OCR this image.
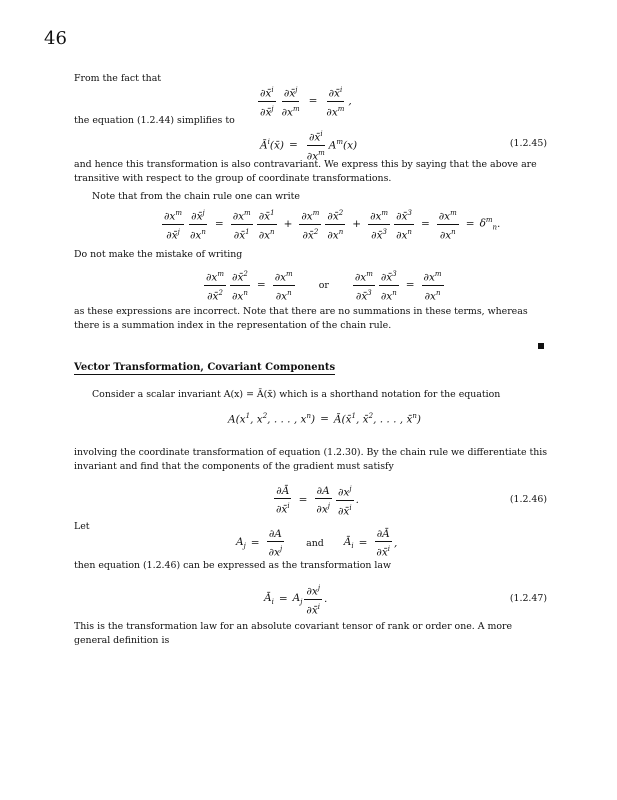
46
From the fact that
$\frac{\partial x̄^i}{\partial x̄^j} \frac{\partial x̄^j}{\partial x^m} = \frac{\partial x̄^i}{\partial x^m}$ ,
the equation (1.2.44) simplifies to
$Ā^i(x̄) = \frac{\partial x̄^i}{\partial x^m} A^m(x)$	(1.2.45)
and hence this transformation is also contravariant. We express this by saying that the above are transitive with respect to the group of coordinate transformations.
Note that from the chain rule one can write
$\frac{\partial x^m}{\partial x̄^j} \frac{\partial x̄^j}{\partial x^n} = \frac{\partial x^m}{\partial x̄^1} \frac{\partial x̄^1}{\partial x^n} + \frac{\partial x^m}{\partial x̄^2} \frac{\partial x̄^2}{\partial x^n} + \frac{\partial x^m}{\partial x̄^3} \frac{\partial x̄^3}{\partial x^n} = \frac{\partial x^m}{\partial x^n} = \delta^m_n$ .
Do not make the mistake of writing
$\frac{\partial x^m}{\partial x̄^2} \frac{\partial x̄^2}{\partial x^n} = \frac{\partial x^m}{\partial x^n}$	or $\frac{\partial x^m}{\partial x̄^3} \frac{\partial x̄^3}{\partial x^n} = \frac{\partial x^m}{\partial x^n}$
as these expressions are incorrect. Note that there are no summations in these terms, whereas there is a summation index in the representation of the chain rule.
Vector Transformation, Covariant Components
Consider a scalar invariant A(x) = Ā(x̄) which is a shorthand notation for the equation
$A(x^1$, $x^2$, . . . , $x^n$) = Ā(x̄$^1$, x̄$^2$, . . . , x̄$^n$)
involving the coordinate transformation of equation (1.2.30). By the chain rule we differentiate this invariant and find that the components of the gradient must satisfy
$\frac{\partial Ā}{\partial x̄^i} = \frac{\partial A}{\partial x^j} \frac{\partial x^j}{\partial x̄^i}$ .	(1.2.46)
Let
$A_j = \frac{\partial A}{\partial x^j}$ and $Ā_i = \frac{\partial Ā}{\partial x̄^i}$ ,
then equation (1.2.46) can be expressed as the transformation law
$Ā_i = A_j \frac{\partial x^j}{\partial x̄^i}$ .	(1.2.47)
This is the transformation law for an absolute covariant tensor of rank or order one. A more general definition is
